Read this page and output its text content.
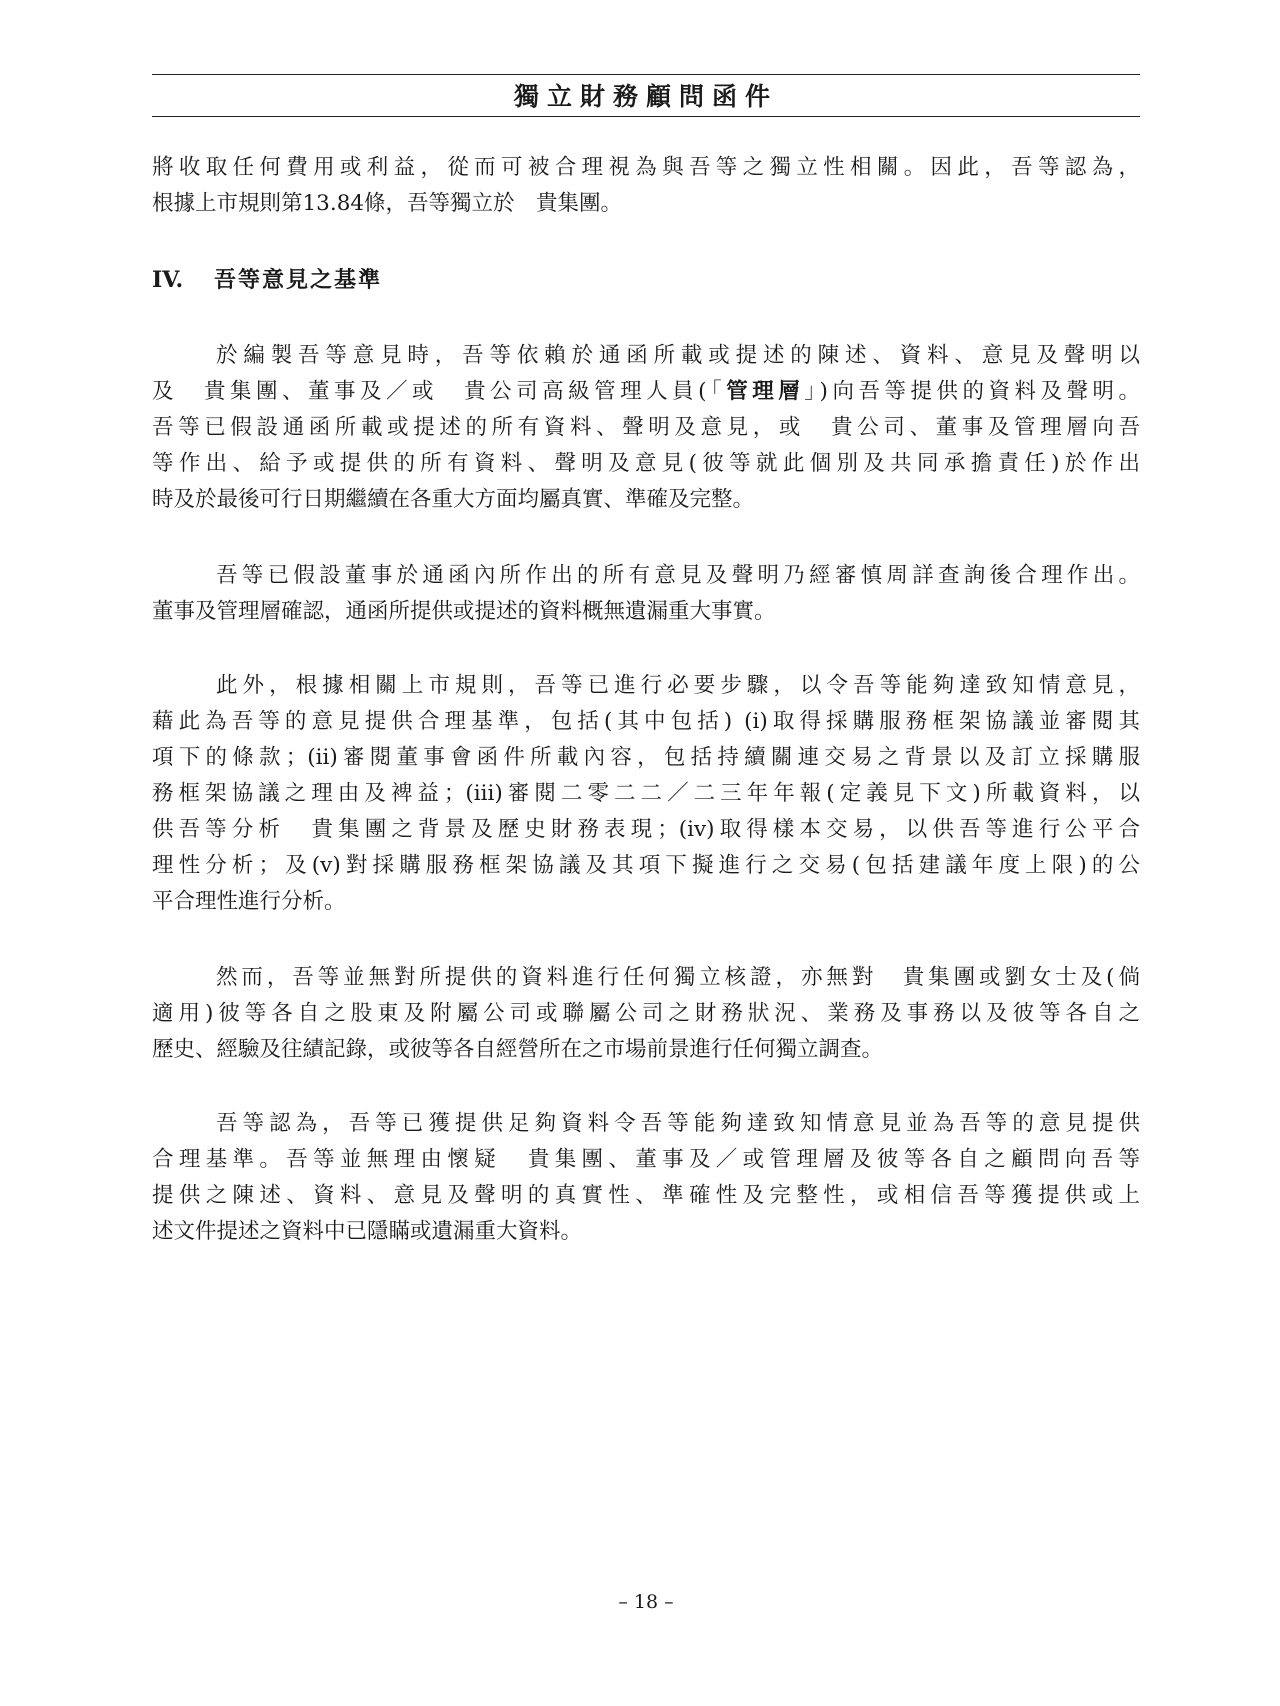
獨立財務顧問函件
將收取任何費用或利益，從而可被合理視為與吾等之獨立性相關。因此，吾等認為，
根據上市規則第13.84條，吾等獨立於　貴集團。
IV. 吾等意見之基準
於編製吾等意見時，吾等依賴於通函所載或提述的陳述、資料、意見及聲明以
及　貴集團、董事及／或　貴公司高級管理人員(「管理層」)向吾等提供的資料及聲明。
吾等已假設通函所載或提述的所有資料、聲明及意見，或　貴公司、董事及管理層向吾
等作出、給予或提供的所有資料、聲明及意見(彼等就此個別及共同承擔責任)於作出
時及於最後可行日期繼續在各重大方面均屬真實、準確及完整。
吾等已假設董事於通函內所作出的所有意見及聲明乃經審慎周詳查詢後合理作出。
董事及管理層確認，通函所提供或提述的資料概無遺漏重大事實。
此外，根據相關上市規則，吾等已進行必要步驟，以令吾等能夠達致知情意見，
藉此為吾等的意見提供合理基準，包括(其中包括) (i)取得採購服務框架協議並審閱其
項下的條款；(ii)審閱董事會函件所載內容，包括持續關連交易之背景以及訂立採購服
務框架協議之理由及裨益；(iii)審閱二零二二／二三年年報(定義見下文)所載資料，以
供吾等分析　貴集團之背景及歷史財務表現；(iv)取得樣本交易，以供吾等進行公平合
理性分析；及(v)對採購服務框架協議及其項下擬進行之交易(包括建議年度上限)的公
平合理性進行分析。
然而，吾等並無對所提供的資料進行任何獨立核證，亦無對　貴集團或劉女士及(倘
適用)彼等各自之股東及附屬公司或聯屬公司之財務狀況、業務及事務以及彼等各自之
歷史、經驗及往績記錄，或彼等各自經營所在之市場前景進行任何獨立調查。
吾等認為，吾等已獲提供足夠資料令吾等能夠達致知情意見並為吾等的意見提供
合理基準。吾等並無理由懷疑　貴集團、董事及／或管理層及彼等各自之顧問向吾等
提供之陳述、資料、意見及聲明的真實性、準確性及完整性，或相信吾等獲提供或上
述文件提述之資料中已隱瞞或遺漏重大資料。
– 18 –
